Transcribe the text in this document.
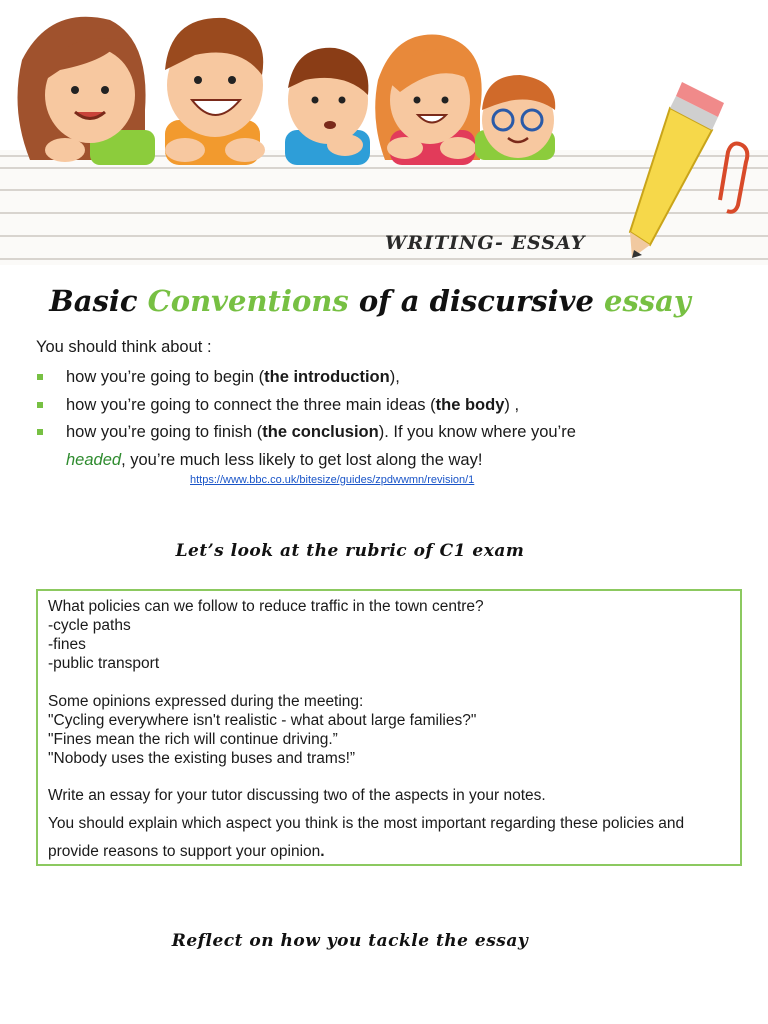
WRITING- ESSAY
Basic Conventions of a discursive essay
You should think about :
how you’re going to begin (the introduction),
how you’re going to connect the three main ideas (the body) ,
how you’re going to finish (the conclusion). If you know where you’re
headed, you’re much less likely to get lost along the way!
https://www.bbc.co.uk/bitesize/guides/zpdwwmn/revision/1
Let’s look at the rubric of C1 exam
What policies can we follow to reduce traffic in the town centre?
-cycle paths
-fines
-public transport
Some opinions expressed during the meeting:
"Cycling everywhere isn't realistic - what about large families?"
"Fines mean the rich will continue driving.”
"Nobody uses the existing buses and trams!”
Write an essay for your tutor discussing two of the aspects in your notes.
You should explain which aspect you think is the most important regarding these policies and provide reasons to support your opinion.
Reflect on how you tackle the essay
